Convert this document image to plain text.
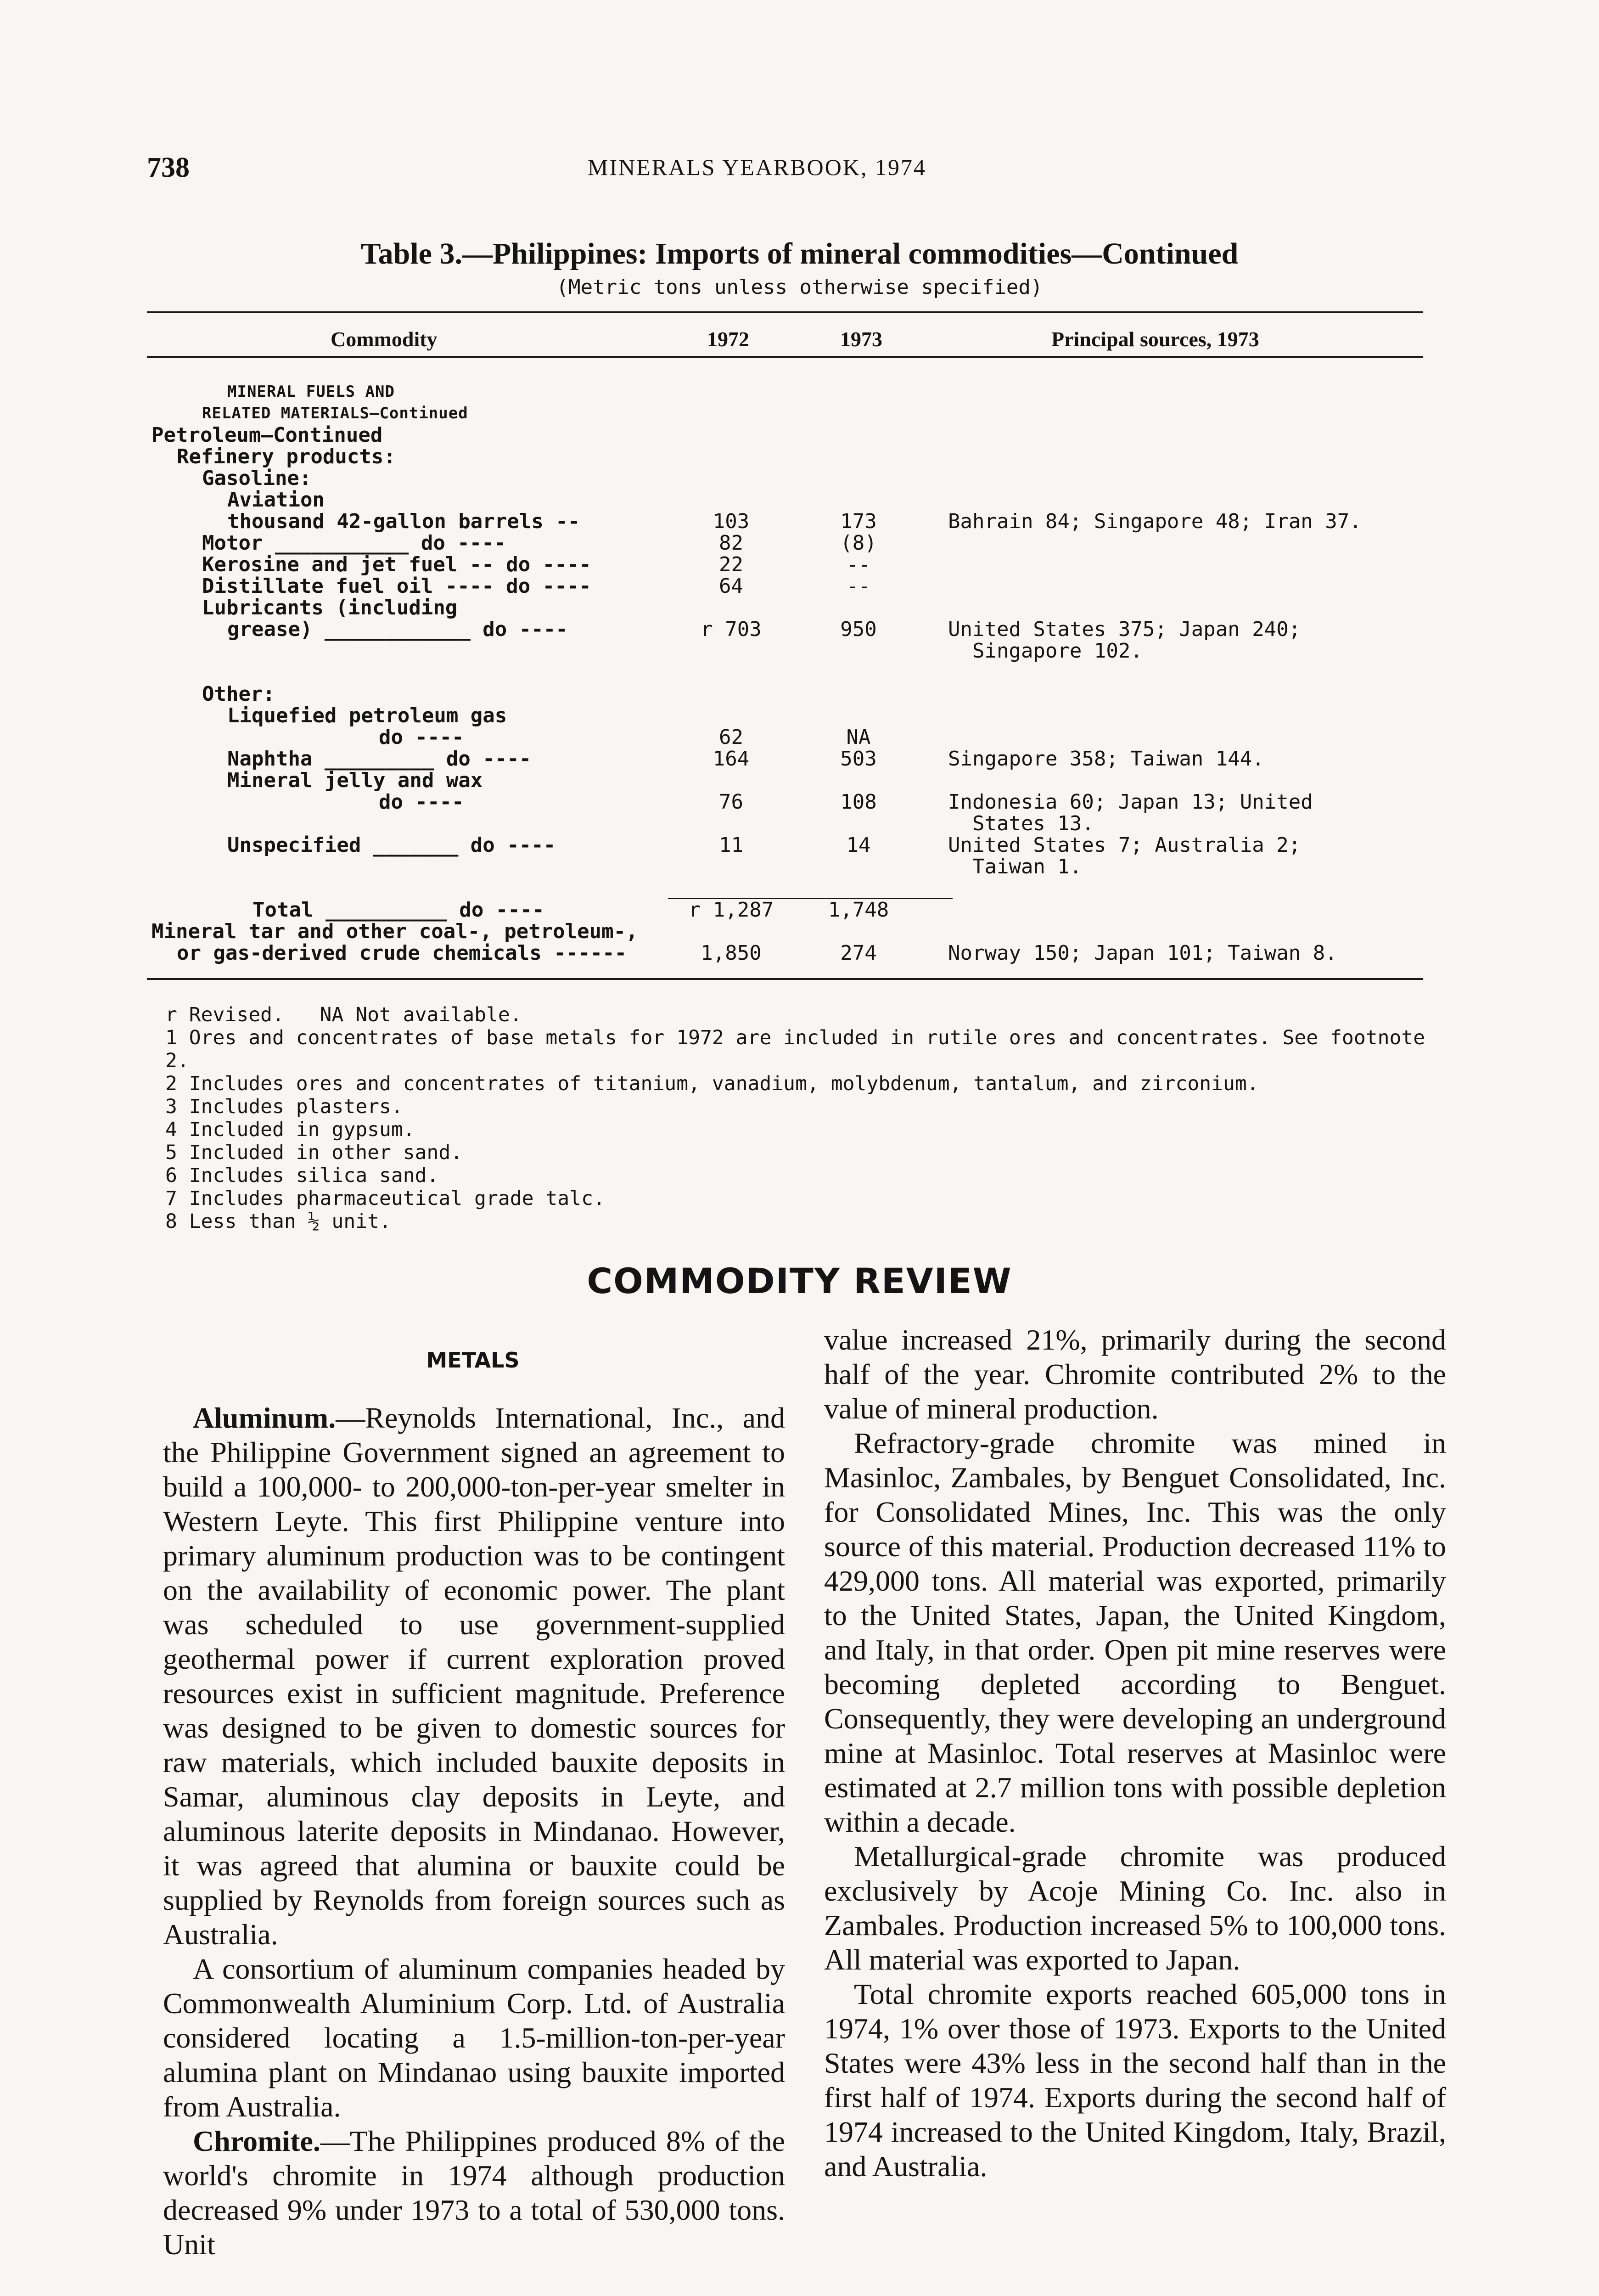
738	MINERALS YEARBOOK, 1974
Table 3.—Philippines: Imports of mineral commodities—Continued
(Metric tons unless otherwise specified)
Commodity	1972	1973	Principal sources, 1973
MINERAL FUELS AND
RELATED MATERIALS—Continued
Petroleum—Continued
Refinery products:
Gasoline:
Aviation
thousand 42-gallon barrels --	103	173	Bahrain 84; Singapore 48; Iran 37.
Motor ___________ do ----	82	(8)
Kerosine and jet fuel -- do ----	22	--
Distillate fuel oil ---- do ----	64	--
Lubricants (including
grease) ____________ do ----	r 703	950	United States 375; Japan 240;
Singapore 102.
Other:
Liquefied petroleum gas
do ----	62	NA
Naphtha _________ do ----	164	503	Singapore 358; Taiwan 144.
Mineral jelly and wax
do ----	76	108	Indonesia 60; Japan 13; United
States 13.
Unspecified _______ do ----	11	14	United States 7; Australia 2;
Taiwan 1.
Total __________ do ----	r 1,287	1,748
Mineral tar and other coal-, petroleum-,
or gas-derived crude chemicals ------	1,850	274	Norway 150; Japan 101; Taiwan 8.
r Revised.   NA Not available.
1 Ores and concentrates of base metals for 1972 are included in rutile ores and concentrates. See footnote 2.
2 Includes ores and concentrates of titanium, vanadium, molybdenum, tantalum, and zirconium.
3 Includes plasters.
4 Included in gypsum.
5 Included in other sand.
6 Includes silica sand.
7 Includes pharmaceutical grade talc.
8 Less than ½ unit.
COMMODITY REVIEW
METALS

Aluminum.—Reynolds International, Inc., and the Philippine Government signed an agreement to build a 100,000- to 200,000-ton-per-year smelter in Western Leyte. This first Philippine venture into primary aluminum production was to be contingent on the availability of economic power. The plant was scheduled to use government-supplied geothermal power if current exploration proved resources exist in sufficient magnitude. Preference was designed to be given to domestic sources for raw materials, which included bauxite deposits in Samar, aluminous clay deposits in Leyte, and aluminous laterite deposits in Mindanao. However, it was agreed that alumina or bauxite could be supplied by Reynolds from foreign sources such as Australia.

A consortium of aluminum companies headed by Commonwealth Aluminium Corp. Ltd. of Australia considered locating a 1.5-million-ton-per-year alumina plant on Mindanao using bauxite imported from Australia.

Chromite.—The Philippines produced 8% of the world's chromite in 1974 although production decreased 9% under 1973 to a total of 530,000 tons. Unit

value increased 21%, primarily during the second half of the year. Chromite contributed 2% to the value of mineral production.

Refractory-grade chromite was mined in Masinloc, Zambales, by Benguet Consolidated, Inc. for Consolidated Mines, Inc. This was the only source of this material. Production decreased 11% to 429,000 tons. All material was exported, primarily to the United States, Japan, the United Kingdom, and Italy, in that order. Open pit mine reserves were becoming depleted according to Benguet. Consequently, they were developing an underground mine at Masinloc. Total reserves at Masinloc were estimated at 2.7 million tons with possible depletion within a decade.

Metallurgical-grade chromite was produced exclusively by Acoje Mining Co. Inc. also in Zambales. Production increased 5% to 100,000 tons. All material was exported to Japan.

Total chromite exports reached 605,000 tons in 1974, 1% over those of 1973. Exports to the United States were 43% less in the second half than in the first half of 1974. Exports during the second half of 1974 increased to the United Kingdom, Italy, Brazil, and Australia.
